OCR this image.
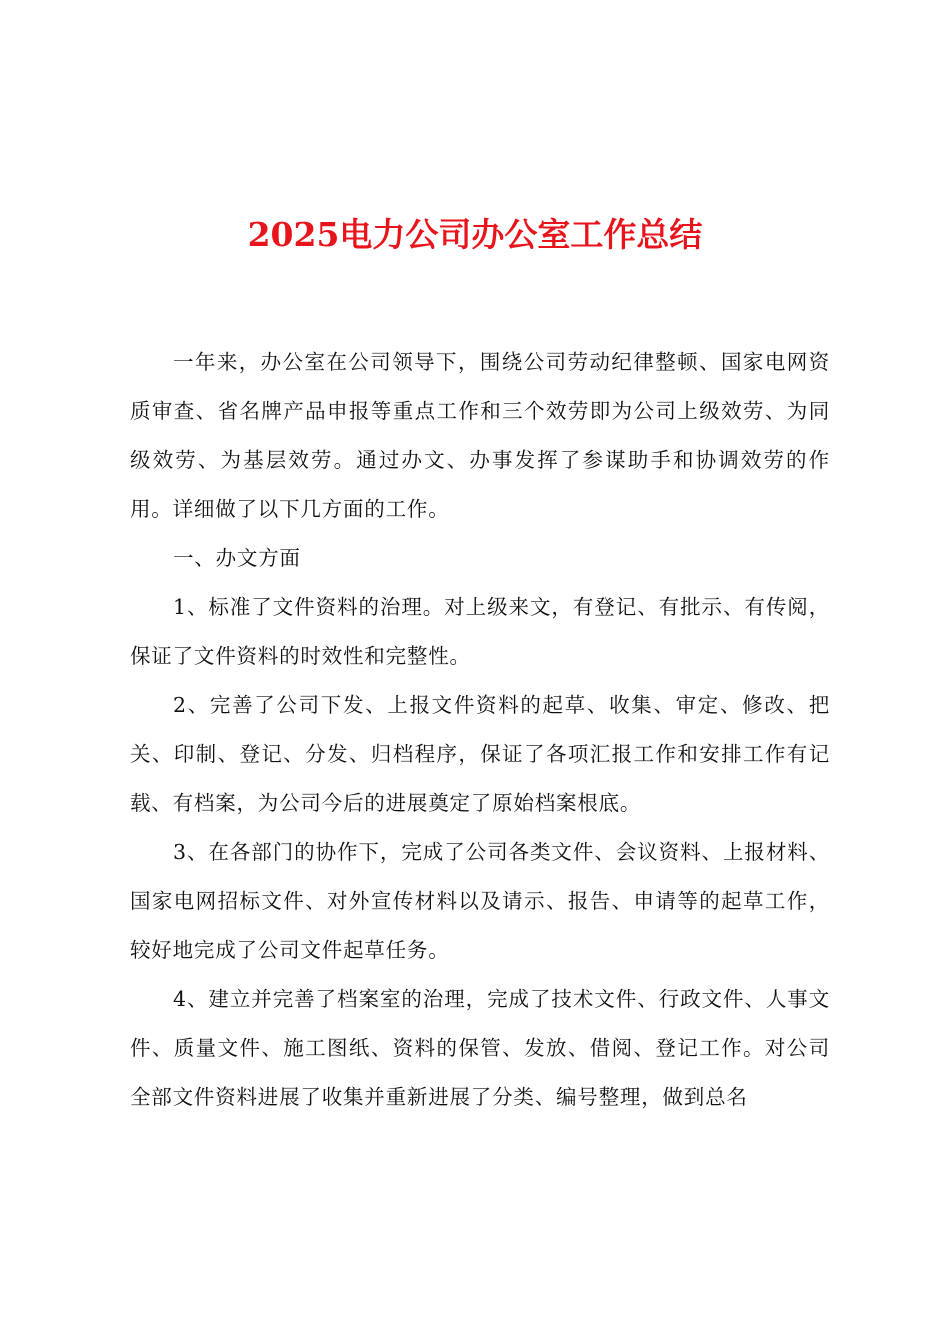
2025电力公司办公室工作总结

一年来，办公室在公司领导下，围绕公司劳动纪律整顿、国家电网资质审查、省名牌产品申报等重点工作和三个效劳即为公司上级效劳、为同级效劳、为基层效劳。通过办文、办事发挥了参谋助手和协调效劳的作用。详细做了以下几方面的工作。

一、办文方面

1、标准了文件资料的治理。对上级来文，有登记、有批示、有传阅，保证了文件资料的时效性和完整性。

2、完善了公司下发、上报文件资料的起草、收集、审定、修改、把关、印制、登记、分发、归档程序，保证了各项汇报工作和安排工作有记载、有档案，为公司今后的进展奠定了原始档案根底。

3、在各部门的协作下，完成了公司各类文件、会议资料、上报材料、国家电网招标文件、对外宣传材料以及请示、报告、申请等的起草工作，较好地完成了公司文件起草任务。

4、建立并完善了档案室的治理，完成了技术文件、行政文件、人事文件、质量文件、施工图纸、资料的保管、发放、借阅、登记工作。对公司全部文件资料进展了收集并重新进展了分类、编号整理，做到总名
